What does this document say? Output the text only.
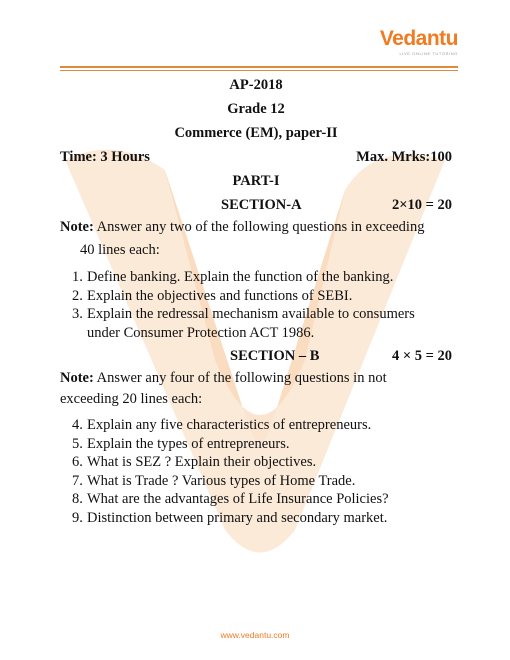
Vedantu
LIVE ONLINE TUTORING
AP-2018
Grade 12
Commerce (EM), paper-II
Time: 3 Hours	Max. Mrks:100
PART-I
SECTION-A	2×10 = 20
Note: Answer any two of the following questions in exceeding
40 lines each:
1. Define banking. Explain the function of the banking.
2. Explain the objectives and functions of SEBI.
3. Explain the redressal mechanism available to consumers
under Consumer Protection ACT 1986.
SECTION – B	4 × 5 = 20
Note: Answer any four of the following questions in not
exceeding 20 lines each:
4. Explain any five characteristics of entrepreneurs.
5. Explain the types of entrepreneurs.
6. What is SEZ ? Explain their objectives.
7. What is Trade ? Various types of Home Trade.
8. What are the advantages of Life Insurance Policies?
9. Distinction between primary and secondary market.
www.vedantu.com
